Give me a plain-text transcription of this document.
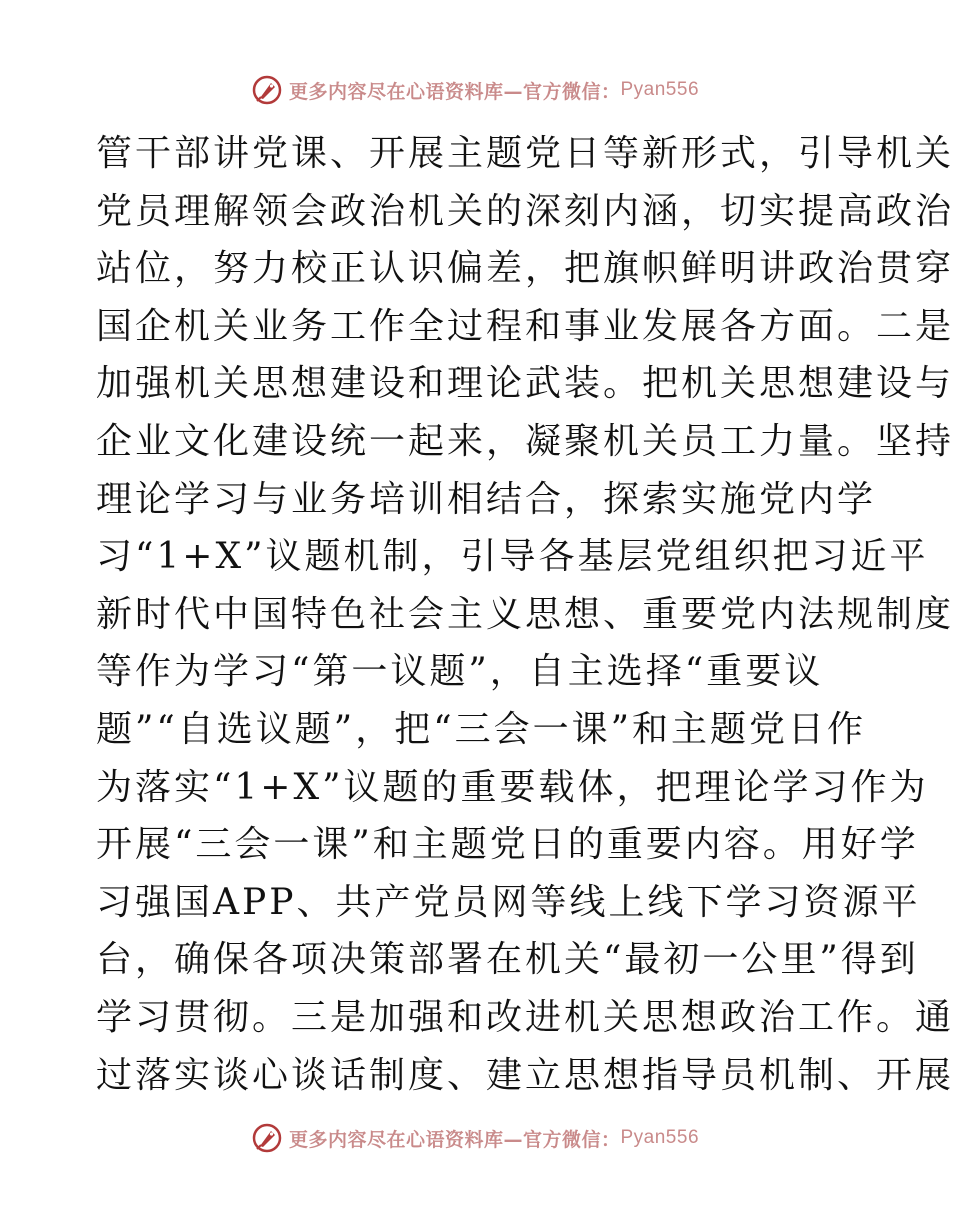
更多内容尽在心语资料库—官方微信： Pyan556
管干部讲党课、开展主题党日等新形式，引导机关
党员理解领会政治机关的深刻内涵，切实提高政治
站位，努力校正认识偏差，把旗帜鲜明讲政治贯穿
国企机关业务工作全过程和事业发展各方面。二是
加强机关思想建设和理论武装。把机关思想建设与
企业文化建设统一起来，凝聚机关员工力量。坚持
理论学习与业务培训相结合，探索实施党内学
习“1+X”议题机制，引导各基层党组织把习近平
新时代中国特色社会主义思想、重要党内法规制度
等作为学习“第一议题”，自主选择“重要议
题”“自选议题”，把“三会一课”和主题党日作
为落实“1+X”议题的重要载体，把理论学习作为
开展“三会一课”和主题党日的重要内容。用好学
习强国APP、共产党员网等线上线下学习资源平
台，确保各项决策部署在机关“最初一公里”得到
学习贯彻。三是加强和改进机关思想政治工作。通
过落实谈心谈话制度、建立思想指导员机制、开展
更多内容尽在心语资料库—官方微信： Pyan556
